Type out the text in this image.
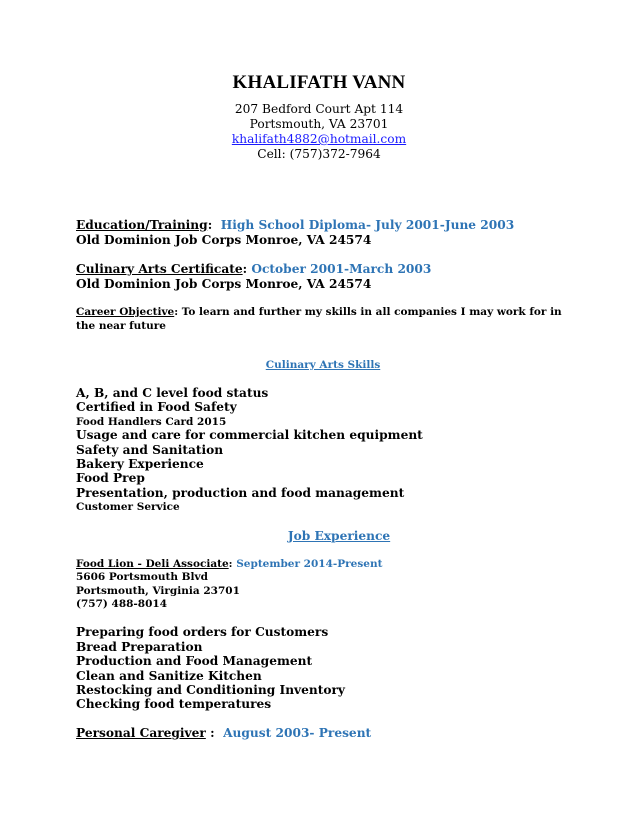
KHALIFATH VANN
207 Bedford Court Apt 114
Portsmouth, VA 23701
khalifath4882@hotmail.com
Cell: (757)372-7964
Education/Training: High School Diploma- July 2001-June 2003
Old Dominion Job Corps Monroe, VA 24574
Culinary Arts Certificate: October 2001-March 2003
Old Dominion Job Corps Monroe, VA 24574
Career Objective: To learn and further my skills in all companies I may work for in the near future
Culinary Arts Skills
A, B, and C level food status
Certified in Food Safety
Food Handlers Card 2015
Usage and care for commercial kitchen equipment
Safety and Sanitation
Bakery Experience
Food Prep
Presentation, production and food management
Customer Service
Job Experience
Food Lion - Deli Associate: September 2014-Present
5606 Portsmouth Blvd
Portsmouth, Virginia 23701
(757) 488-8014
Preparing food orders for Customers
Bread Preparation
Production and Food Management
Clean and Sanitize Kitchen
Restocking and Conditioning Inventory
Checking food temperatures
Personal Caregiver : August 2003- Present
